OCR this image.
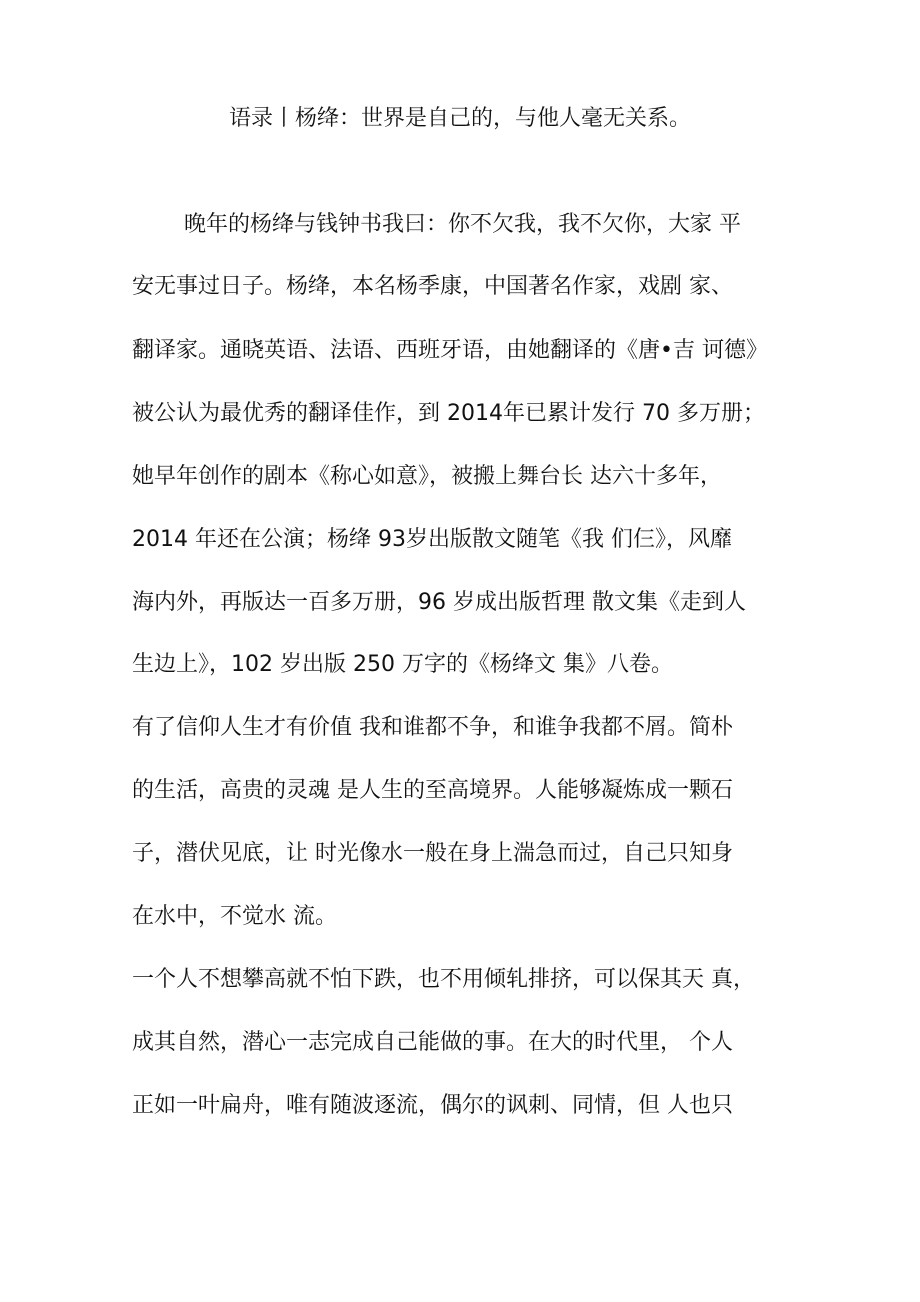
语录丨杨绛：世界是自己的，与他人毫无关系。
晚年的杨绛与钱钟书我曰：你不欠我，我不欠你，大家 平
安无事过日子。杨绛，本名杨季康，中国著名作家，戏剧 家、
翻译家。通晓英语、法语、西班牙语，由她翻译的《唐•吉 诃德》
被公认为最优秀的翻译佳作，到 2014年已累计发行 70 多万册；
她早年创作的剧本《称心如意》，被搬上舞台长 达六十多年，
2014 年还在公演；杨绛 93岁出版散文随笔《我 们仨》，风靡
海内外，再版达一百多万册，96 岁成出版哲理 散文集《走到人
生边上》，102 岁出版 250 万字的《杨绛文 集》八卷。
有了信仰人生才有价值 我和谁都不争，和谁争我都不屑。简朴
的生活，高贵的灵魂 是人生的至高境界。人能够凝炼成一颗石
子，潜伏见底，让 时光像水一般在身上湍急而过，自己只知身
在水中，不觉水 流。
一个人不想攀高就不怕下跌，也不用倾轧排挤，可以保其天 真，
成其自然，潜心一志完成自己能做的事。在大的时代里， 个人
正如一叶扁舟，唯有随波逐流，偶尔的讽刺、同情，但 人也只
